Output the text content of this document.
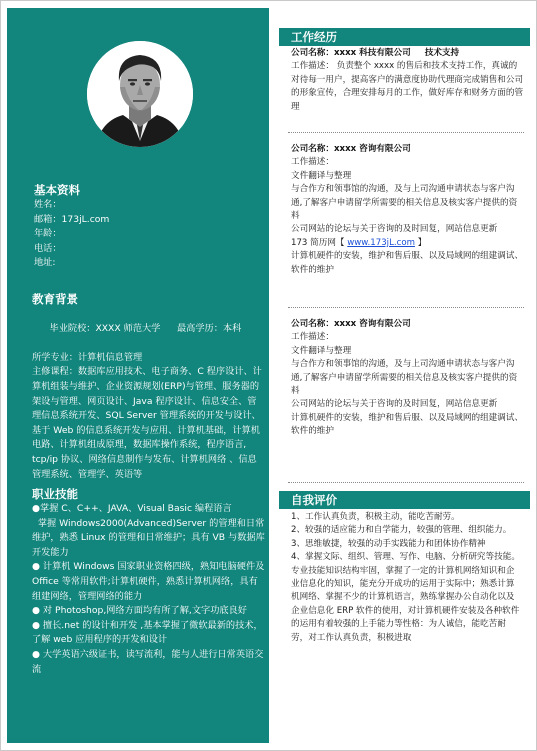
基本资料
姓名：
邮箱：173jL.com
年龄：
电话：
地址:
教育背景

毕业院校：XXXX 师范大学 最高学历：本科

所学专业：计算机信息管理
主修课程：数据库应用技术、电子商务、C 程序设计、计算机组装与维护、企业资源规划(ERP)与管理、服务器的架设与管理、网页设计、Java 程序设计、信息安全、管理信息系统开发、SQL Server 管理系统的开发与设计、基于 Web 的信息系统开发与应用、计算机基础，计算机电路、计算机组成原理，数据库操作系统，程序语言, tcp/ip 协议、网络信息制作与发布、计算机网络 、信息管理系统、管理学、英语等
职业技能
●掌握 C、C++、JAVA、Visual Basic 编程语言
掌握 Windows2000(Advanced)Server 的管理和日常维护，熟悉 Linux 的管理和日常维护；具有 VB 与数据库开发能力
● 计算机 Windows 国家职业资格四级，熟知电脑硬件及 Office 等常用软件;计算机硬件，熟悉计算机网络，具有组建网络，管理网络的能力
● 对 Photoshop,网络方面均有所了解,文字功底良好
● 擅长.net 的设计和开发 ,基本掌握了微软最新的技术，了解 web 应用程序的开发和设计
● 大学英语六级证书，读写流利，能与人进行日常英语交流
工作经历
公司名称：xxxx 科技有限公司 技术支持
工作描述： 负责整个 xxxx 的售后和技术支持工作，真诚的对待每一用户，提高客户的满意度协助代理商完成销售和公司的形象宣传，合理安排每月的工作，做好库存和财务方面的管理
公司名称：xxxx 咨询有限公司
工作描述：
文件翻译与整理
与合作方和领事馆的沟通，及与上司沟通申请状态与客户沟通,了解客户申请留学所需要的相关信息及核实客户提供的资料
公司网站的论坛与关于咨询的及时回复，网站信息更新     173 简历网【 www.173jL.com 】
计算机硬件的安装，维护和售后服、以及局域网的组建调试、软件的维护
公司名称：xxxx 咨询有限公司
工作描述：
文件翻译与整理
与合作方和领事馆的沟通，及与上司沟通申请状态与客户沟通,了解客户申请留学所需要的相关信息及核实客户提供的资料
公司网站的论坛与关于咨询的及时回复，网站信息更新
计算机硬件的安装，维护和售后服、以及局域网的组建调试、软件的维护
自我评价
1、工作认真负责，积极主动，能吃苦耐劳。
2、较强的适应能力和自学能力，较强的管理、组织能力。
3、思维敏捷，较强的动手实践能力和团体协作精神
4、掌握文际、组织、管理、写作、电脑、分析研究等技能。专业技能知识结构牢固，掌握了一定的计算机网络知识和企业信息化的知识，能充分开成功的运用于实际中；熟悉计算机网络、掌握不少的计算机语言，熟练掌握办公自动化以及企业信息化 ERP 软件的使用，对计算机硬件安装及各种软件的运用有着较强的上手能力等性格：为人诚信，能吃苦耐劳，对工作认真负责，积极进取
